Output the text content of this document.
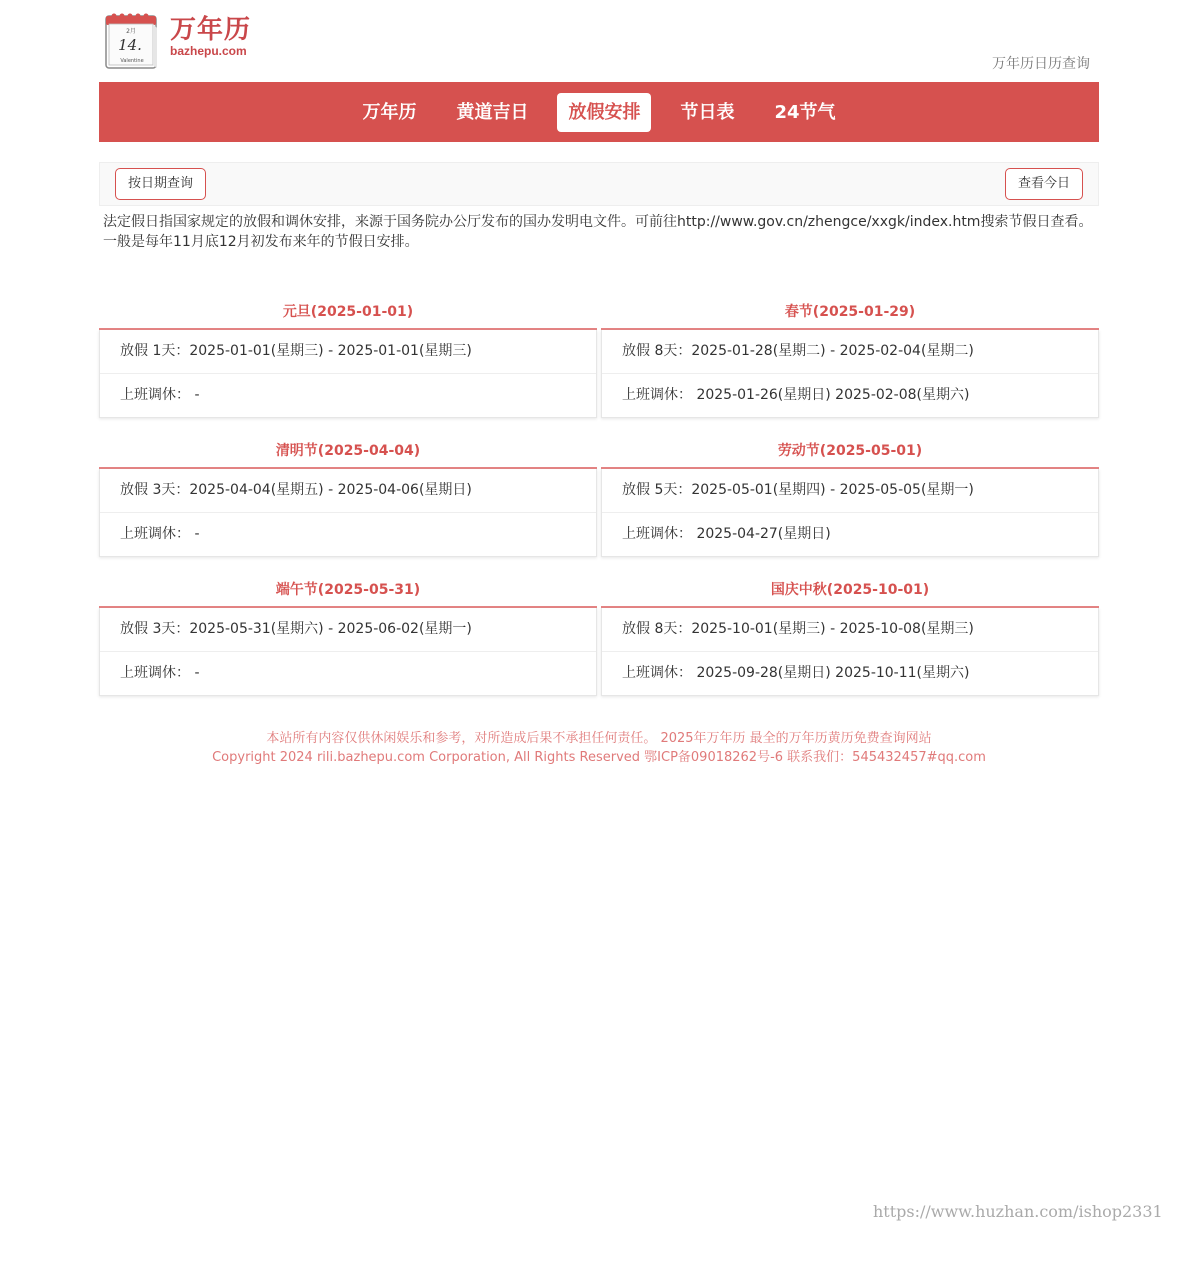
2月
14.
Valentine
万年历
bazhepu.com
万年历日历查询
万年历	黄道吉日	放假安排	节日表	24节气
按日期查询	查看今日
法定假日指国家规定的放假和调休安排，来源于国务院办公厅发布的国办发明电文件。可前往http://www.gov.cn/zhengce/xxgk/index.htm搜索节假日查看。一般是每年11月底12月初发布来年的节假日安排。
元旦(2025-01-01)
放假 1天：2025-01-01(星期三) - 2025-01-01(星期三)
上班调休： -
春节(2025-01-29)
放假 8天：2025-01-28(星期二) - 2025-02-04(星期二)
上班调休： 2025-01-26(星期日) 2025-02-08(星期六)
清明节(2025-04-04)
放假 3天：2025-04-04(星期五) - 2025-04-06(星期日)
上班调休： -
劳动节(2025-05-01)
放假 5天：2025-05-01(星期四) - 2025-05-05(星期一)
上班调休： 2025-04-27(星期日)
端午节(2025-05-31)
放假 3天：2025-05-31(星期六) - 2025-06-02(星期一)
上班调休： -
国庆中秋(2025-10-01)
放假 8天：2025-10-01(星期三) - 2025-10-08(星期三)
上班调休： 2025-09-28(星期日) 2025-10-11(星期六)
本站所有内容仅供休闲娱乐和参考，对所造成后果不承担任何责任。 2025年万年历 最全的万年历黄历免费查询网站
Copyright 2024 rili.bazhepu.com Corporation, All Rights Reserved 鄂ICP备09018262号-6 联系我们：545432457#qq.com
https://www.huzhan.com/ishop2331
